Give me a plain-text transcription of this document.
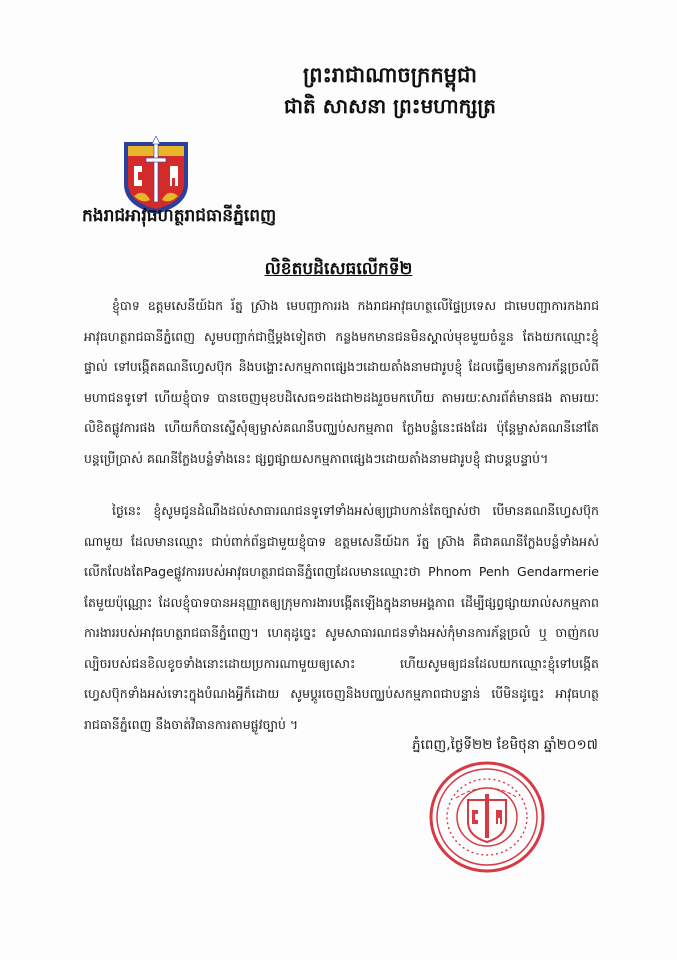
ព្រះរាជាណាចក្រកម្ពុជា
ជាតិ សាសនា ព្រះមហាក្សត្រ
កងរាជអាវុធហត្ថរាជធានីភ្នំពេញ
លិខិតបដិសេធលើកទី២
ខ្ញុំបាទ ឧត្តមសេនីយ៍ឯក រ័ត្ន ស្រ៊ាង មេបញ្ជាការរង កងរាជអាវុធហត្ថលើផ្ទៃប្រទេស ជាមេបញ្ជាការកងរាជអាវុធហត្ថរាជធានីភ្នំពេញ សូមបញ្ជាក់ជាថ្មីម្ដងទៀតថា កន្លងមកមានជនមិនស្គាល់មុខមួយចំនួន តែងយកឈ្មោះខ្ញុំផ្ទាល់ ទៅបង្កើតគណនីហ្វេសប៊ុក និងបង្ហោះសកម្មភាពផ្សេងៗដោយតាំងនាមជារូបខ្ញុំ ដែលធ្វើឲ្យមានការភ័ន្តច្រលំពីមហាជនទូទៅ ហើយខ្ញុំបាទ បានចេញមុខបដិសេធ១ដងជា២ដងរួចមកហើយ តាមរយៈសារព័ត៌មានផង តាមរយៈលិខិតផ្លូវការផង ហើយក៏បានស្នើសុំឲ្យម្ចាស់គណនីបញ្ឈប់សកម្មភាព ក្លែងបន្លំនេះផងដែរ ប៉ុន្តែម្ចាស់គណនីនៅតែបន្តប្រើប្រាស់ គណនីក្លែងបន្លំទាំងនេះ ផ្សព្វផ្សាយសកម្មភាពផ្សេងៗដោយតាំងនាមជារូបខ្ញុំ ជាបន្តបន្ទាប់។
ថ្ងៃនេះ ខ្ញុំសូមជូនដំណឹងដល់សាធារណជនទូទៅទាំងអស់ឲ្យជ្រាបកាន់តែច្បាស់ថា បើមានគណនីហ្វេសប៊ុកណាមួយ ដែលមានឈ្មោះ ជាប់ពាក់ព័ន្ធជាមួយខ្ញុំបាទ ឧត្តមសេនីយ៍ឯក រ័ត្ន ស្រ៊ាង គឺជាគណនីក្លែងបន្លំទាំងអស់ លើកលែងតែPageផ្លូវការរបស់អាវុធហត្ថរាជធានីភ្នំពេញដែលមានឈ្មោះថា Phnom Penh Gendarmerie តែមួយប៉ុណ្ណោះ ដែលខ្ញុំបាទបានអនុញ្ញាតឲ្យក្រុមការងារបង្កើតឡើងក្នុងនាមអង្គភាព ដើម្បីផ្សព្វផ្សាយរាល់សកម្មភាពការងាររបស់អាវុធហត្ថរាជធានីភ្នំពេញ។ ហេតុដូច្នេះ សូមសាធារណជនទាំងអស់កុំមានការភ័ន្តច្រលំ ឬ ចាញ់កលល្បិចរបស់ជនខិលខូចទាំងនោះដោយប្រការណាមួយឲ្យសោះ ហើយសូមឲ្យជនដែលយកឈ្មោះខ្ញុំទៅបង្កើតហ្វេសប៊ុកទាំងអស់ទោះក្នុងបំណងអ្វីក៏ដោយ សូមប្ដូរចេញនិងបញ្ឈប់សកម្មភាពជាបន្ទាន់ បើមិនដូច្នេះ អាវុធហត្ថរាជធានីភ្នំពេញ នឹងចាត់វិធានការតាមផ្លូវច្បាប់ ។
ភ្នំពេញ,ថ្ងៃទី២២ ខែមិថុនា ឆ្នាំ២០១៧
